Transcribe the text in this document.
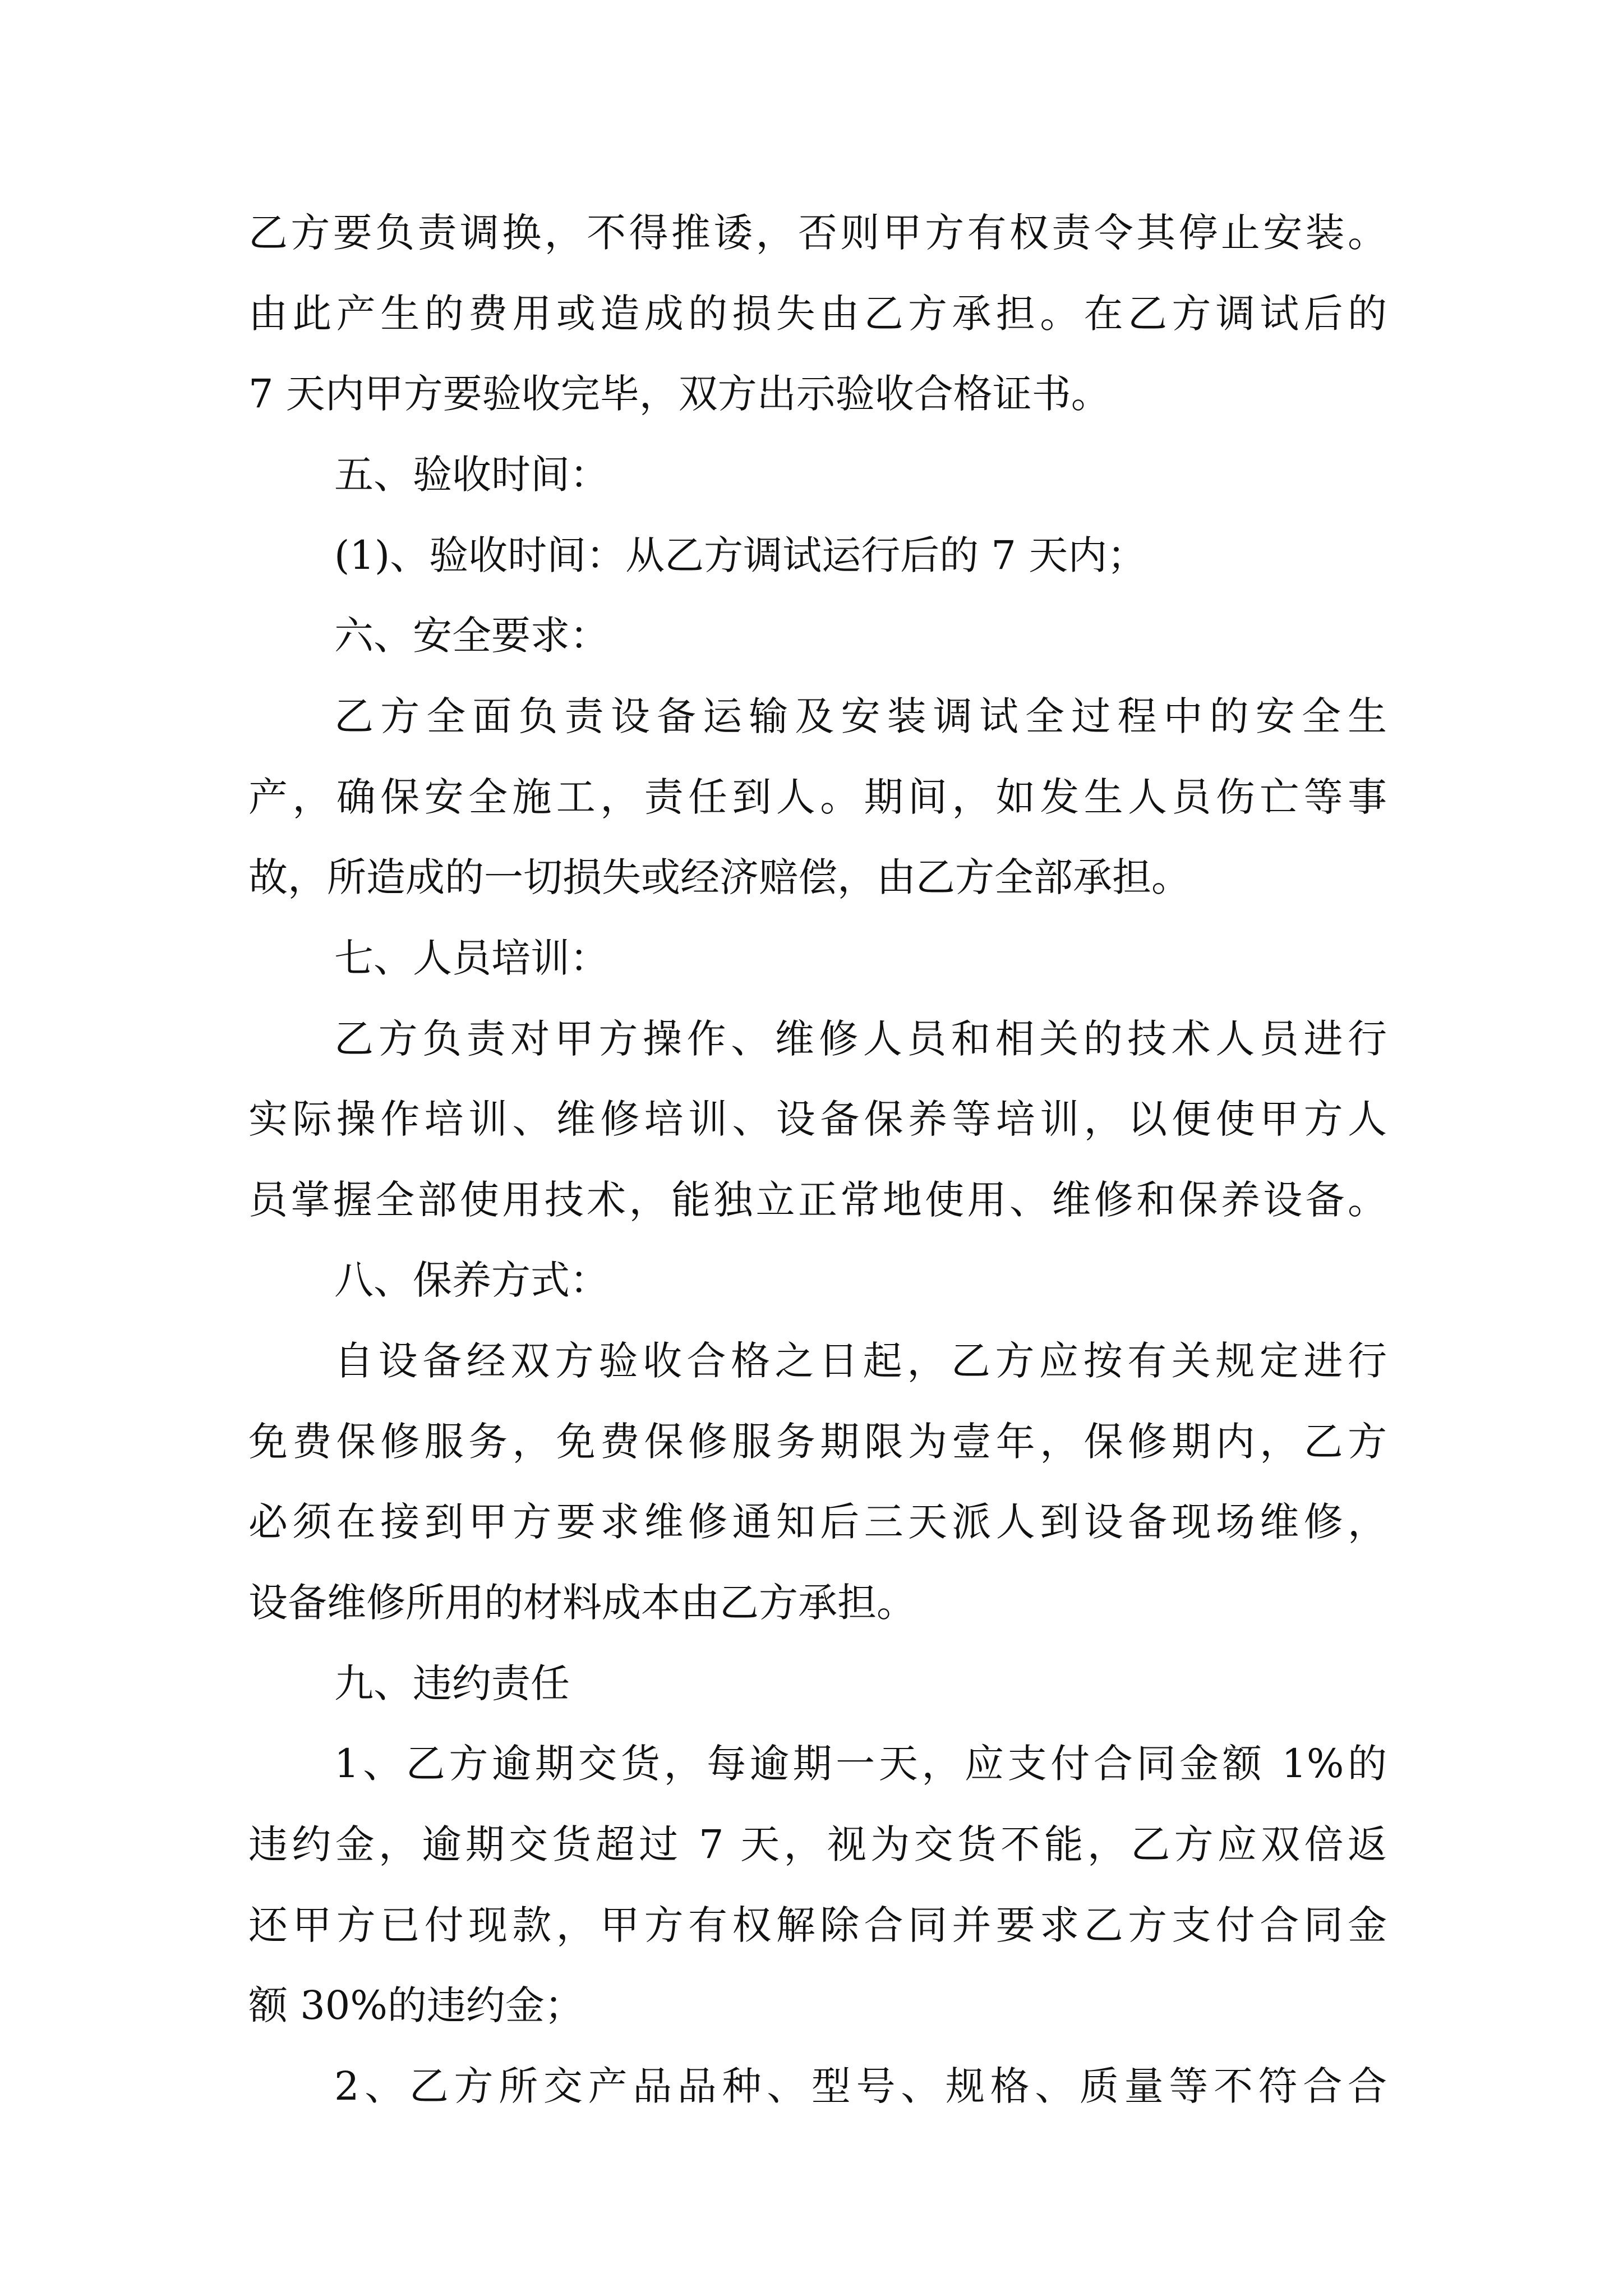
乙方要负责调换，不得推诿，否则甲方有权责令其停止安装。
由此产生的费用或造成的损失由乙方承担。在乙方调试后的
7 天内甲方要验收完毕，双方出示验收合格证书。
五、验收时间：
(1)、验收时间：从乙方调试运行后的 7 天内；
六、安全要求：
乙方全面负责设备运输及安装调试全过程中的安全生
产，确保安全施工，责任到人。期间，如发生人员伤亡等事
故，所造成的一切损失或经济赔偿，由乙方全部承担。
七、人员培训：
乙方负责对甲方操作、维修人员和相关的技术人员进行
实际操作培训、维修培训、设备保养等培训，以便使甲方人
员掌握全部使用技术，能独立正常地使用、维修和保养设备。
八、保养方式：
自设备经双方验收合格之日起，乙方应按有关规定进行
免费保修服务，免费保修服务期限为壹年，保修期内，乙方
必须在接到甲方要求维修通知后三天派人到设备现场维修，
设备维修所用的材料成本由乙方承担。
九、违约责任
1、乙方逾期交货，每逾期一天，应支付合同金额 1%的
违约金，逾期交货超过 7 天，视为交货不能，乙方应双倍返
还甲方已付现款，甲方有权解除合同并要求乙方支付合同金
额 30%的违约金；
2、乙方所交产品品种、型号、规格、质量等不符合合
